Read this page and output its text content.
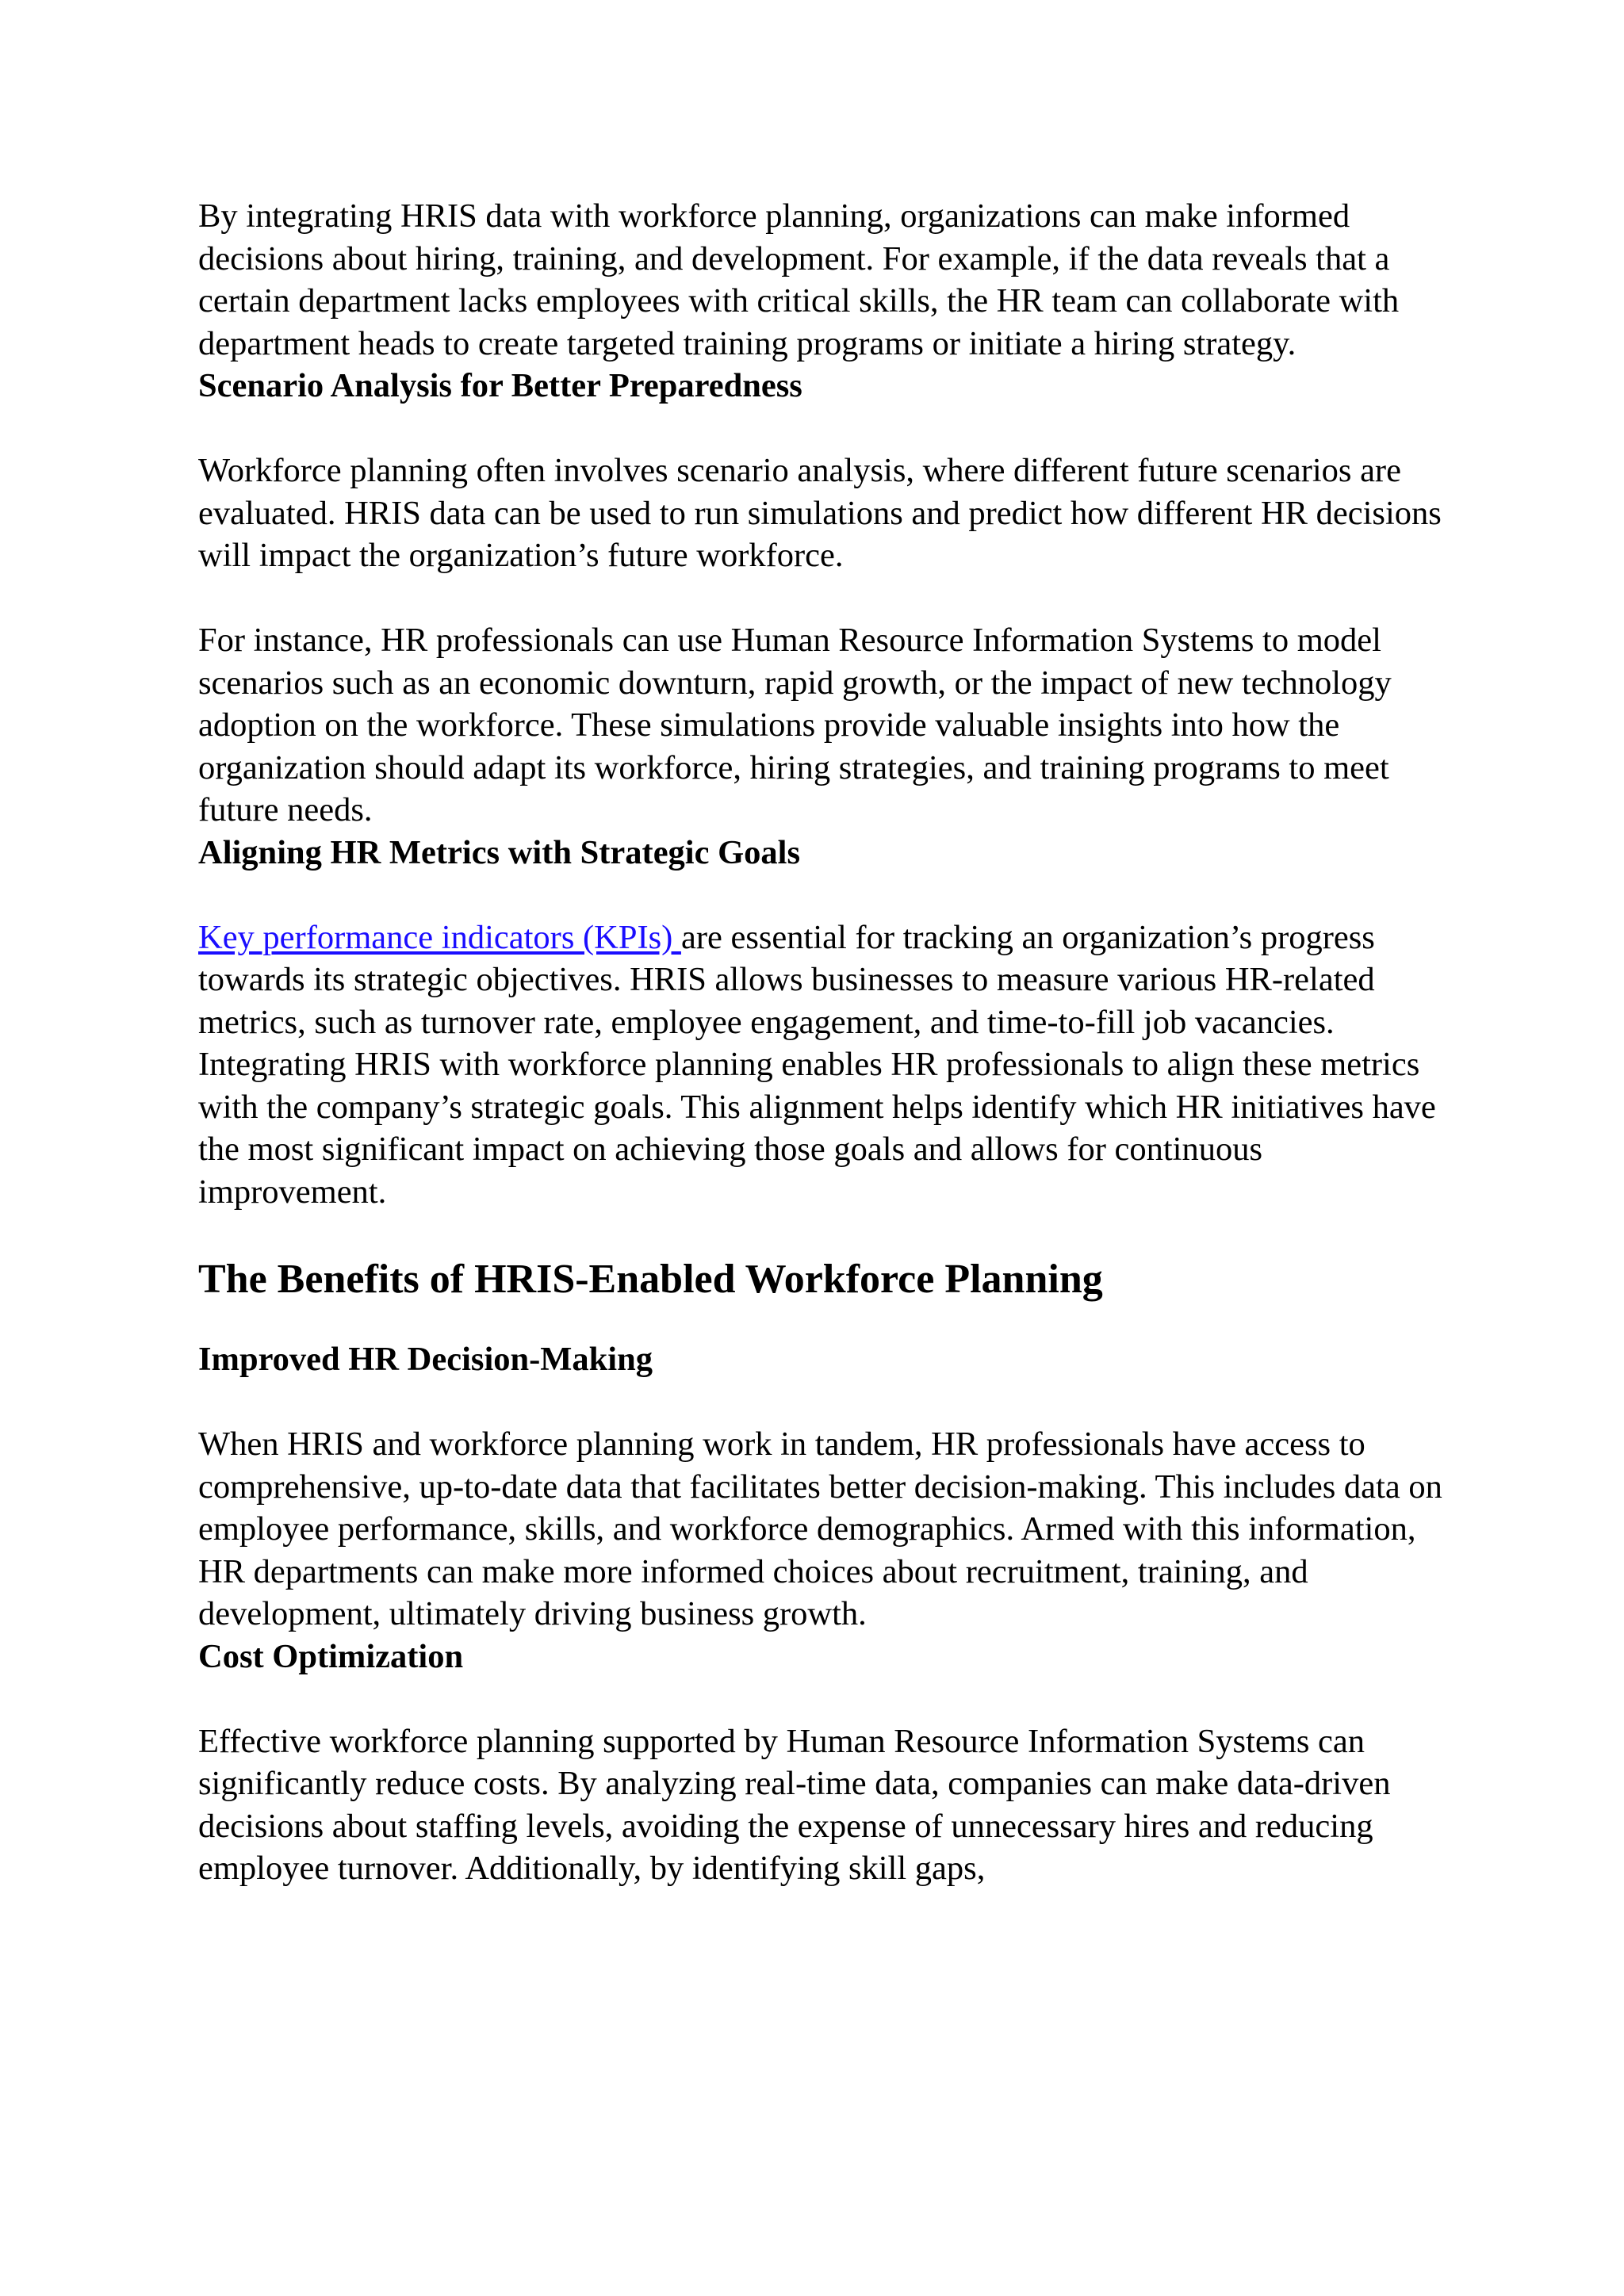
By integrating HRIS data with workforce planning, organizations can make informed decisions about hiring, training, and development. For example, if the data reveals that a certain department lacks employees with critical skills, the HR team can collaborate with department heads to create targeted training programs or initiate a hiring strategy.

Scenario Analysis for Better Preparedness

Workforce planning often involves scenario analysis, where different future scenarios are evaluated. HRIS data can be used to run simulations and predict how different HR decisions will impact the organization’s future workforce.

For instance, HR professionals can use Human Resource Information Systems to model scenarios such as an economic downturn, rapid growth, or the impact of new technology adoption on the workforce. These simulations provide valuable insights into how the organization should adapt its workforce, hiring strategies, and training programs to meet future needs.

Aligning HR Metrics with Strategic Goals

Key performance indicators (KPIs) are essential for tracking an organization’s progress towards its strategic objectives. HRIS allows businesses to measure various HR-related metrics, such as turnover rate, employee engagement, and time-to-fill job vacancies.

Integrating HRIS with workforce planning enables HR professionals to align these metrics with the company’s strategic goals. This alignment helps identify which HR initiatives have the most significant impact on achieving those goals and allows for continuous improvement.

The Benefits of HRIS-Enabled Workforce Planning

Improved HR Decision-Making

When HRIS and workforce planning work in tandem, HR professionals have access to comprehensive, up-to-date data that facilitates better decision-making. This includes data on employee performance, skills, and workforce demographics. Armed with this information, HR departments can make more informed choices about recruitment, training, and development, ultimately driving business growth.

Cost Optimization

Effective workforce planning supported by Human Resource Information Systems can significantly reduce costs. By analyzing real-time data, companies can make data-driven decisions about staffing levels, avoiding the expense of unnecessary hires and reducing employee turnover. Additionally, by identifying skill gaps,
